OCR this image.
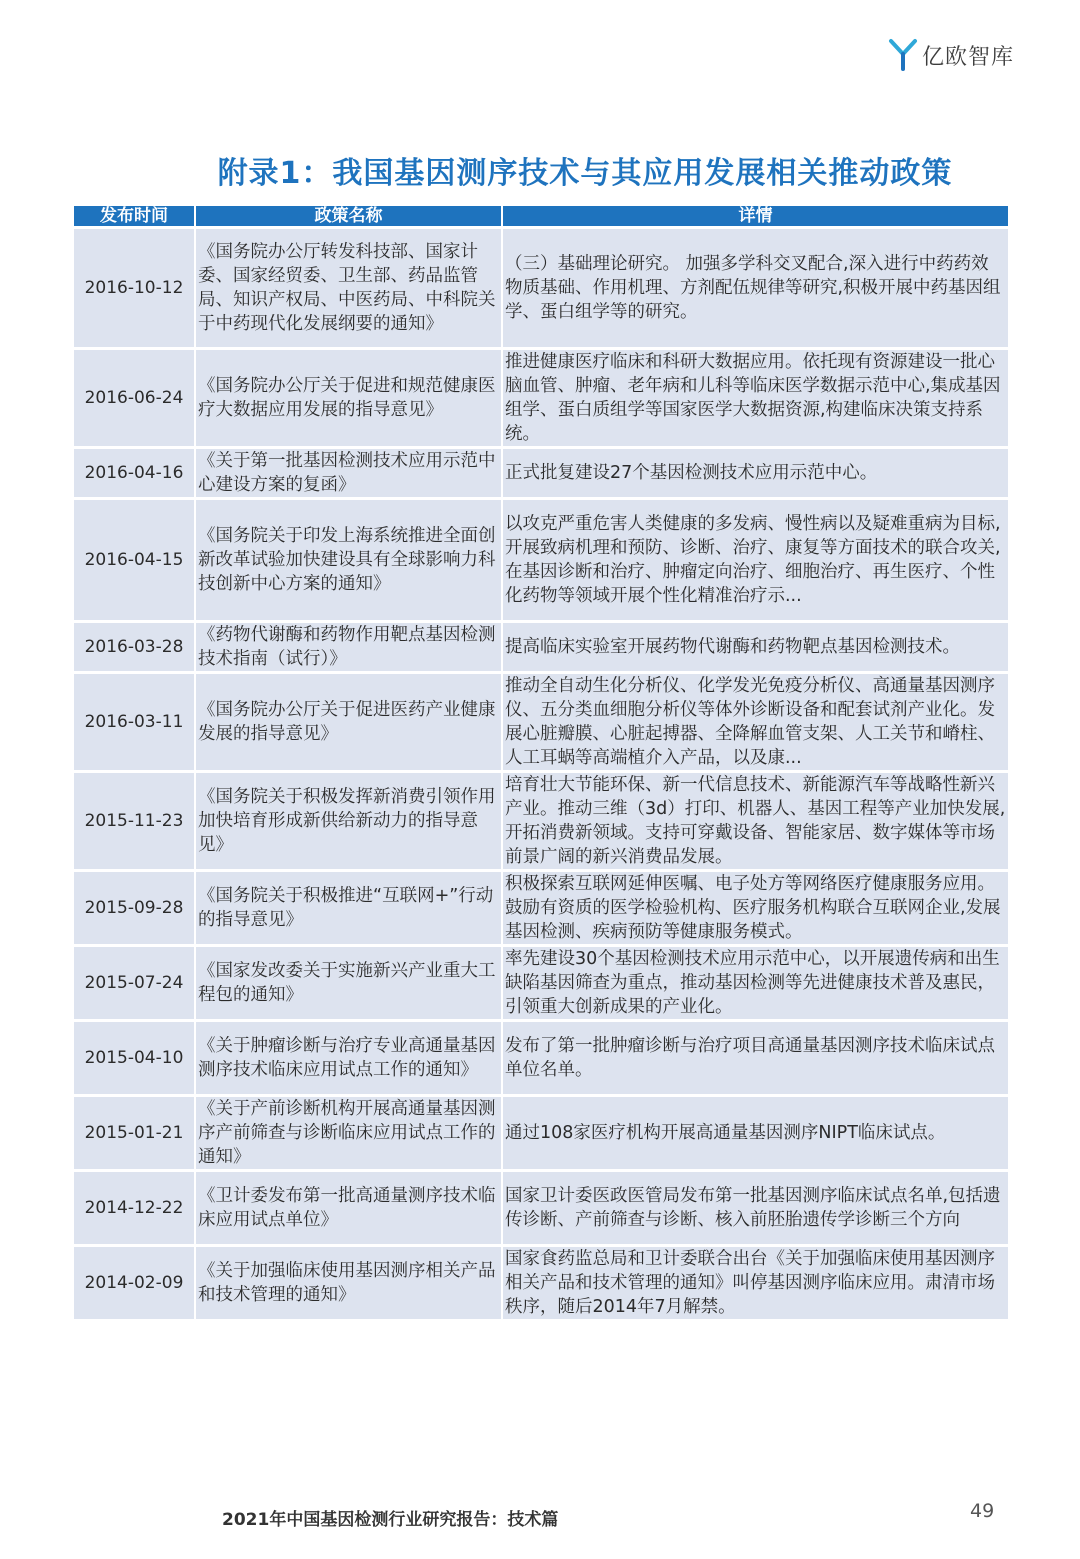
亿欧智库
附录1：我国基因测序技术与其应用发展相关推动政策
发布时间	政策名称	详情
2016-10-12	《国务院办公厅转发科技部、国家计委、国家经贸委、卫生部、药品监管局、知识产权局、中医药局、中科院关于中药现代化发展纲要的通知》	（三）基础理论研究。 加强多学科交叉配合,深入进行中药药效物质基础、作用机理、方剂配伍规律等研究,积极开展中药基因组学、蛋白组学等的研究。
2016-06-24	《国务院办公厅关于促进和规范健康医疗大数据应用发展的指导意见》	推进健康医疗临床和科研大数据应用。依托现有资源建设一批心脑血管、肿瘤、老年病和儿科等临床医学数据示范中心,集成基因组学、蛋白质组学等国家医学大数据资源,构建临床决策支持系统。
2016-04-16	《关于第一批基因检测技术应用示范中心建设方案的复函》	正式批复建设27个基因检测技术应用示范中心。
2016-04-15	《国务院关于印发上海系统推进全面创新改革试验加快建设具有全球影响力科技创新中心方案的通知》	以攻克严重危害人类健康的多发病、慢性病以及疑难重病为目标,开展致病机理和预防、诊断、治疗、康复等方面技术的联合攻关,在基因诊断和治疗、肿瘤定向治疗、细胞治疗、再生医疗、个性化药物等领域开展个性化精准治疗示...
2016-03-28	《药物代谢酶和药物作用靶点基因检测技术指南（试行）》	提高临床实验室开展药物代谢酶和药物靶点基因检测技术。
2016-03-11	《国务院办公厅关于促进医药产业健康发展的指导意见》	推动全自动生化分析仪、化学发光免疫分析仪、高通量基因测序仪、五分类血细胞分析仪等体外诊断设备和配套试剂产业化。发展心脏瓣膜、心脏起搏器、全降解血管支架、人工关节和嵴柱、人工耳蜗等高端植介入产品，以及康...
2015-11-23	《国务院关于积极发挥新消费引领作用加快培育形成新供给新动力的指导意见》	培育壮大节能环保、新一代信息技术、新能源汽车等战略性新兴产业。推动三维（3d）打印、机器人、基因工程等产业加快发展,开拓消费新领域。支持可穿戴设备、智能家居、数字媒体等市场前景广阔的新兴消费品发展。
2015-09-28	《国务院关于积极推进“互联网+”行动的指导意见》	积极探索互联网延伸医嘱、电子处方等网络医疗健康服务应用。鼓励有资质的医学检验机构、医疗服务机构联合互联网企业,发展基因检测、疾病预防等健康服务模式。
2015-07-24	《国家发改委关于实施新兴产业重大工程包的通知》	率先建设30个基因检测技术应用示范中心，以开展遗传病和出生缺陷基因筛查为重点，推动基因检测等先进健康技术普及惠民，引领重大创新成果的产业化。
2015-04-10	《关于肿瘤诊断与治疗专业高通量基因测序技术临床应用试点工作的通知》	发布了第一批肿瘤诊断与治疗项目高通量基因测序技术临床试点单位名单。
2015-01-21	《关于产前诊断机构开展高通量基因测序产前筛查与诊断临床应用试点工作的通知》	通过108家医疗机构开展高通量基因测序NIPT临床试点。
2014-12-22	《卫计委发布第一批高通量测序技术临床应用试点单位》	国家卫计委医政医管局发布第一批基因测序临床试点名单,包括遗传诊断、产前筛查与诊断、核入前胚胎遗传学诊断三个方向
2014-02-09	《关于加强临床使用基因测序相关产品和技术管理的通知》	国家食药监总局和卫计委联合出台《关于加强临床使用基因测序相关产品和技术管理的通知》叫停基因测序临床应用。肃清市场秩序，随后2014年7月解禁。
2021年中国基因检测行业研究报告：技术篇	49
